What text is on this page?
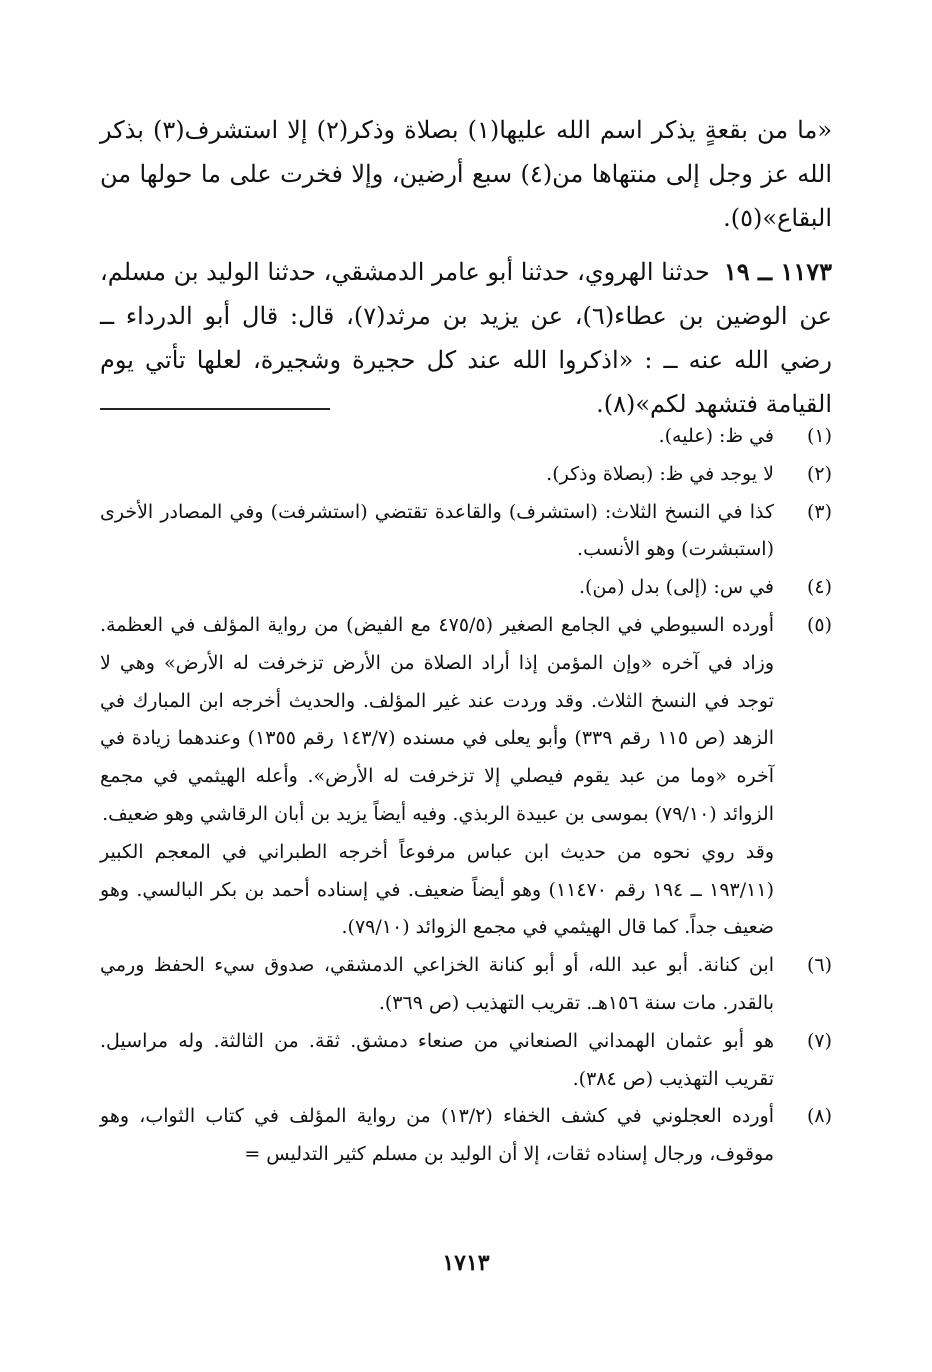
«ما من بقعةٍ يذكر اسم الله عليها(١) بصلاة وذكر(٢) إلا استشرف(٣) بذكر الله عز وجل إلى منتهاها من(٤) سبع أرضين، وإلا فخرت على ما حولها من البقاع»(٥).

١١٧٣ ــ ١٩حدثنا الهروي، حدثنا أبو عامر الدمشقي، حدثنا الوليد بن مسلم، عن الوضين بن عطاء(٦)، عن يزيد بن مرثد(٧)، قال: قال أبو الدرداء ــ رضي الله عنه ــ : «اذكروا الله عند كل حجيرة وشجيرة، لعلها تأتي يوم القيامة فتشهد لكم»(٨).

(١)

في ظ: (عليه).

(٢)

لا يوجد في ظ: (بصلاة وذكر).

(٣)

كذا في النسخ الثلاث: (استشرف) والقاعدة تقتضي (استشرفت) وفي المصادر الأخرى (استبشرت) وهو الأنسب.

(٤)

في س: (إلى) بدل (من).

(٥)

أورده السيوطي في الجامع الصغير (٤٧٥/٥ مع الفيض) من رواية المؤلف في العظمة. وزاد في آخره «وإن المؤمن إذا أراد الصلاة من الأرض تزخرفت له الأرض» وهي لا توجد في النسخ الثلاث. وقد وردت عند غير المؤلف. والحديث أخرجه ابن المبارك في الزهد (ص ١١٥ رقم ٣٣٩) وأبو يعلى في مسنده (١٤٣/٧ رقم ١٣٥٥) وعندهما زيادة في آخره «وما من عبد يقوم فيصلي إلا تزخرفت له الأرض». وأعله الهيثمي في مجمع الزوائد (٧٩/١٠) بموسى بن عبيدة الربذي. وفيه أيضاً يزيد بن أبان الرقاشي وهو ضعيف.

وقد روي نحوه من حديث ابن عباس مرفوعاً أخرجه الطبراني في المعجم الكبير (١٩٣/١١ ــ ١٩٤ رقم ١١٤٧٠) وهو أيضاً ضعيف. في إسناده أحمد بن بكر البالسي. وهو ضعيف جداً. كما قال الهيثمي في مجمع الزوائد (٧٩/١٠).

(٦)

ابن كنانة. أبو عبد الله، أو أبو كنانة الخزاعي الدمشقي، صدوق سيء الحفظ ورمي بالقدر. مات سنة ١٥٦هـ. تقريب التهذيب (ص ٣٦٩).

(٧)

هو أبو عثمان الهمداني الصنعاني من صنعاء دمشق. ثقة. من الثالثة. وله مراسيل. تقريب التهذيب (ص ٣٨٤).

(٨)

أورده العجلوني في كشف الخفاء (١٣/٢) من رواية المؤلف في كتاب الثواب، وهو موقوف، ورجال إسناده ثقات، إلا أن الوليد بن مسلم كثير التدليس =

١٧١٣
